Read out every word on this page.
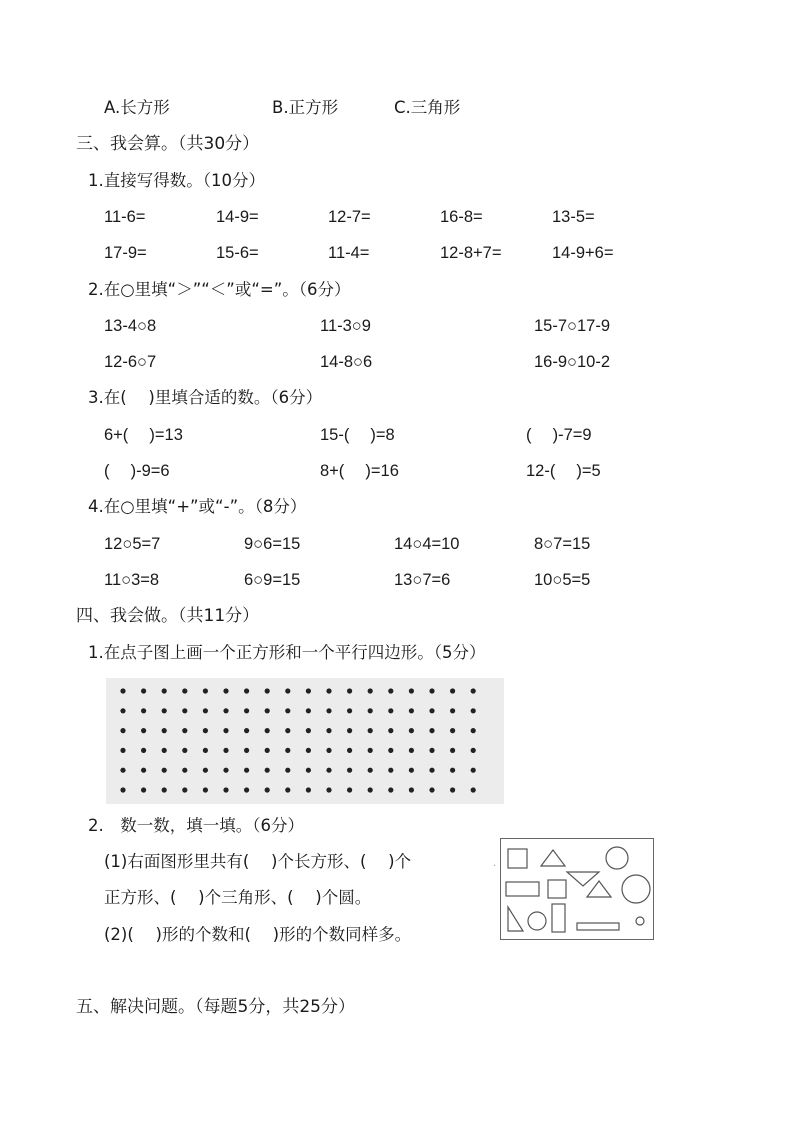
A.长方形	B.正方形	C.三角形
三、我会算。（共30分）
1.直接写得数。（10分）
11-6=	14-9=	12-7=	16-8=	13-5=
17-9=	15-6=	11-4=	12-8+7=	14-9+6=
2.在○里填“＞”“＜”或“=”。（6分）
13-4○8	11-3○9	15-7○17-9
12-6○7	14-8○6	16-9○10-2
3.在(　 )里填合适的数。（6分）
6+(　 )=13	15-(　 )=8	(　 )-7=9
(　 )-9=6	8+(　 )=16	12-(　 )=5
4.在○里填“+”或“-”。（8分）
12○5=7	9○6=15	14○4=10	8○7=15
11○3=8	6○9=15	13○7=6	10○5=5
四、我会做。（共11分）
1.在点子图上画一个正方形和一个平行四边形。（5分）
2.　数一数，填一填。（6分）
(1)右面图形里共有(　 )个长方形、(　 )个
正方形、(　 )个三角形、(　 )个圆。
(2)(　 )形的个数和(　 )形的个数同样多。
·
五、解决问题。（每题5分，共25分）
